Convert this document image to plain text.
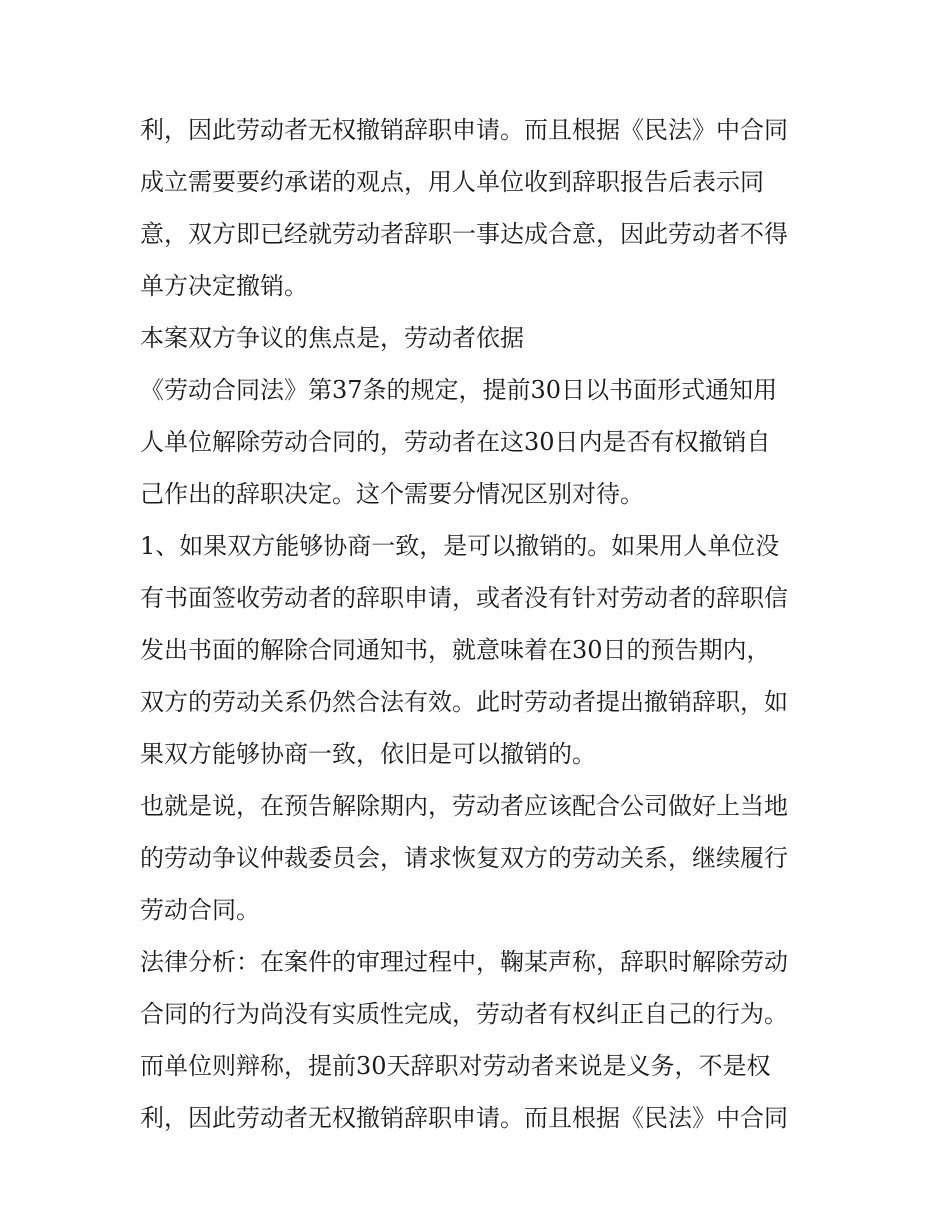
利，因此劳动者无权撤销辞职申请。而且根据《民法》中合同
成立需要要约承诺的观点，用人单位收到辞职报告后表示同
意，双方即已经就劳动者辞职一事达成合意，因此劳动者不得
单方决定撤销。
本案双方争议的焦点是，劳动者依据
《劳动合同法》第37条的规定，提前30日以书面形式通知用
人单位解除劳动合同的，劳动者在这30日内是否有权撤销自
己作出的辞职决定。这个需要分情况区别对待。
1、如果双方能够协商一致，是可以撤销的。如果用人单位没
有书面签收劳动者的辞职申请，或者没有针对劳动者的辞职信
发出书面的解除合同通知书，就意味着在30日的预告期内，
双方的劳动关系仍然合法有效。此时劳动者提出撤销辞职，如
果双方能够协商一致，依旧是可以撤销的。
也就是说，在预告解除期内，劳动者应该配合公司做好上当地
的劳动争议仲裁委员会，请求恢复双方的劳动关系，继续履行
劳动合同。
法律分析：在案件的审理过程中，鞠某声称，辞职时解除劳动
合同的行为尚没有实质性完成，劳动者有权纠正自己的行为。
而单位则辩称，提前30天辞职对劳动者来说是义务，不是权
利，因此劳动者无权撤销辞职申请。而且根据《民法》中合同
